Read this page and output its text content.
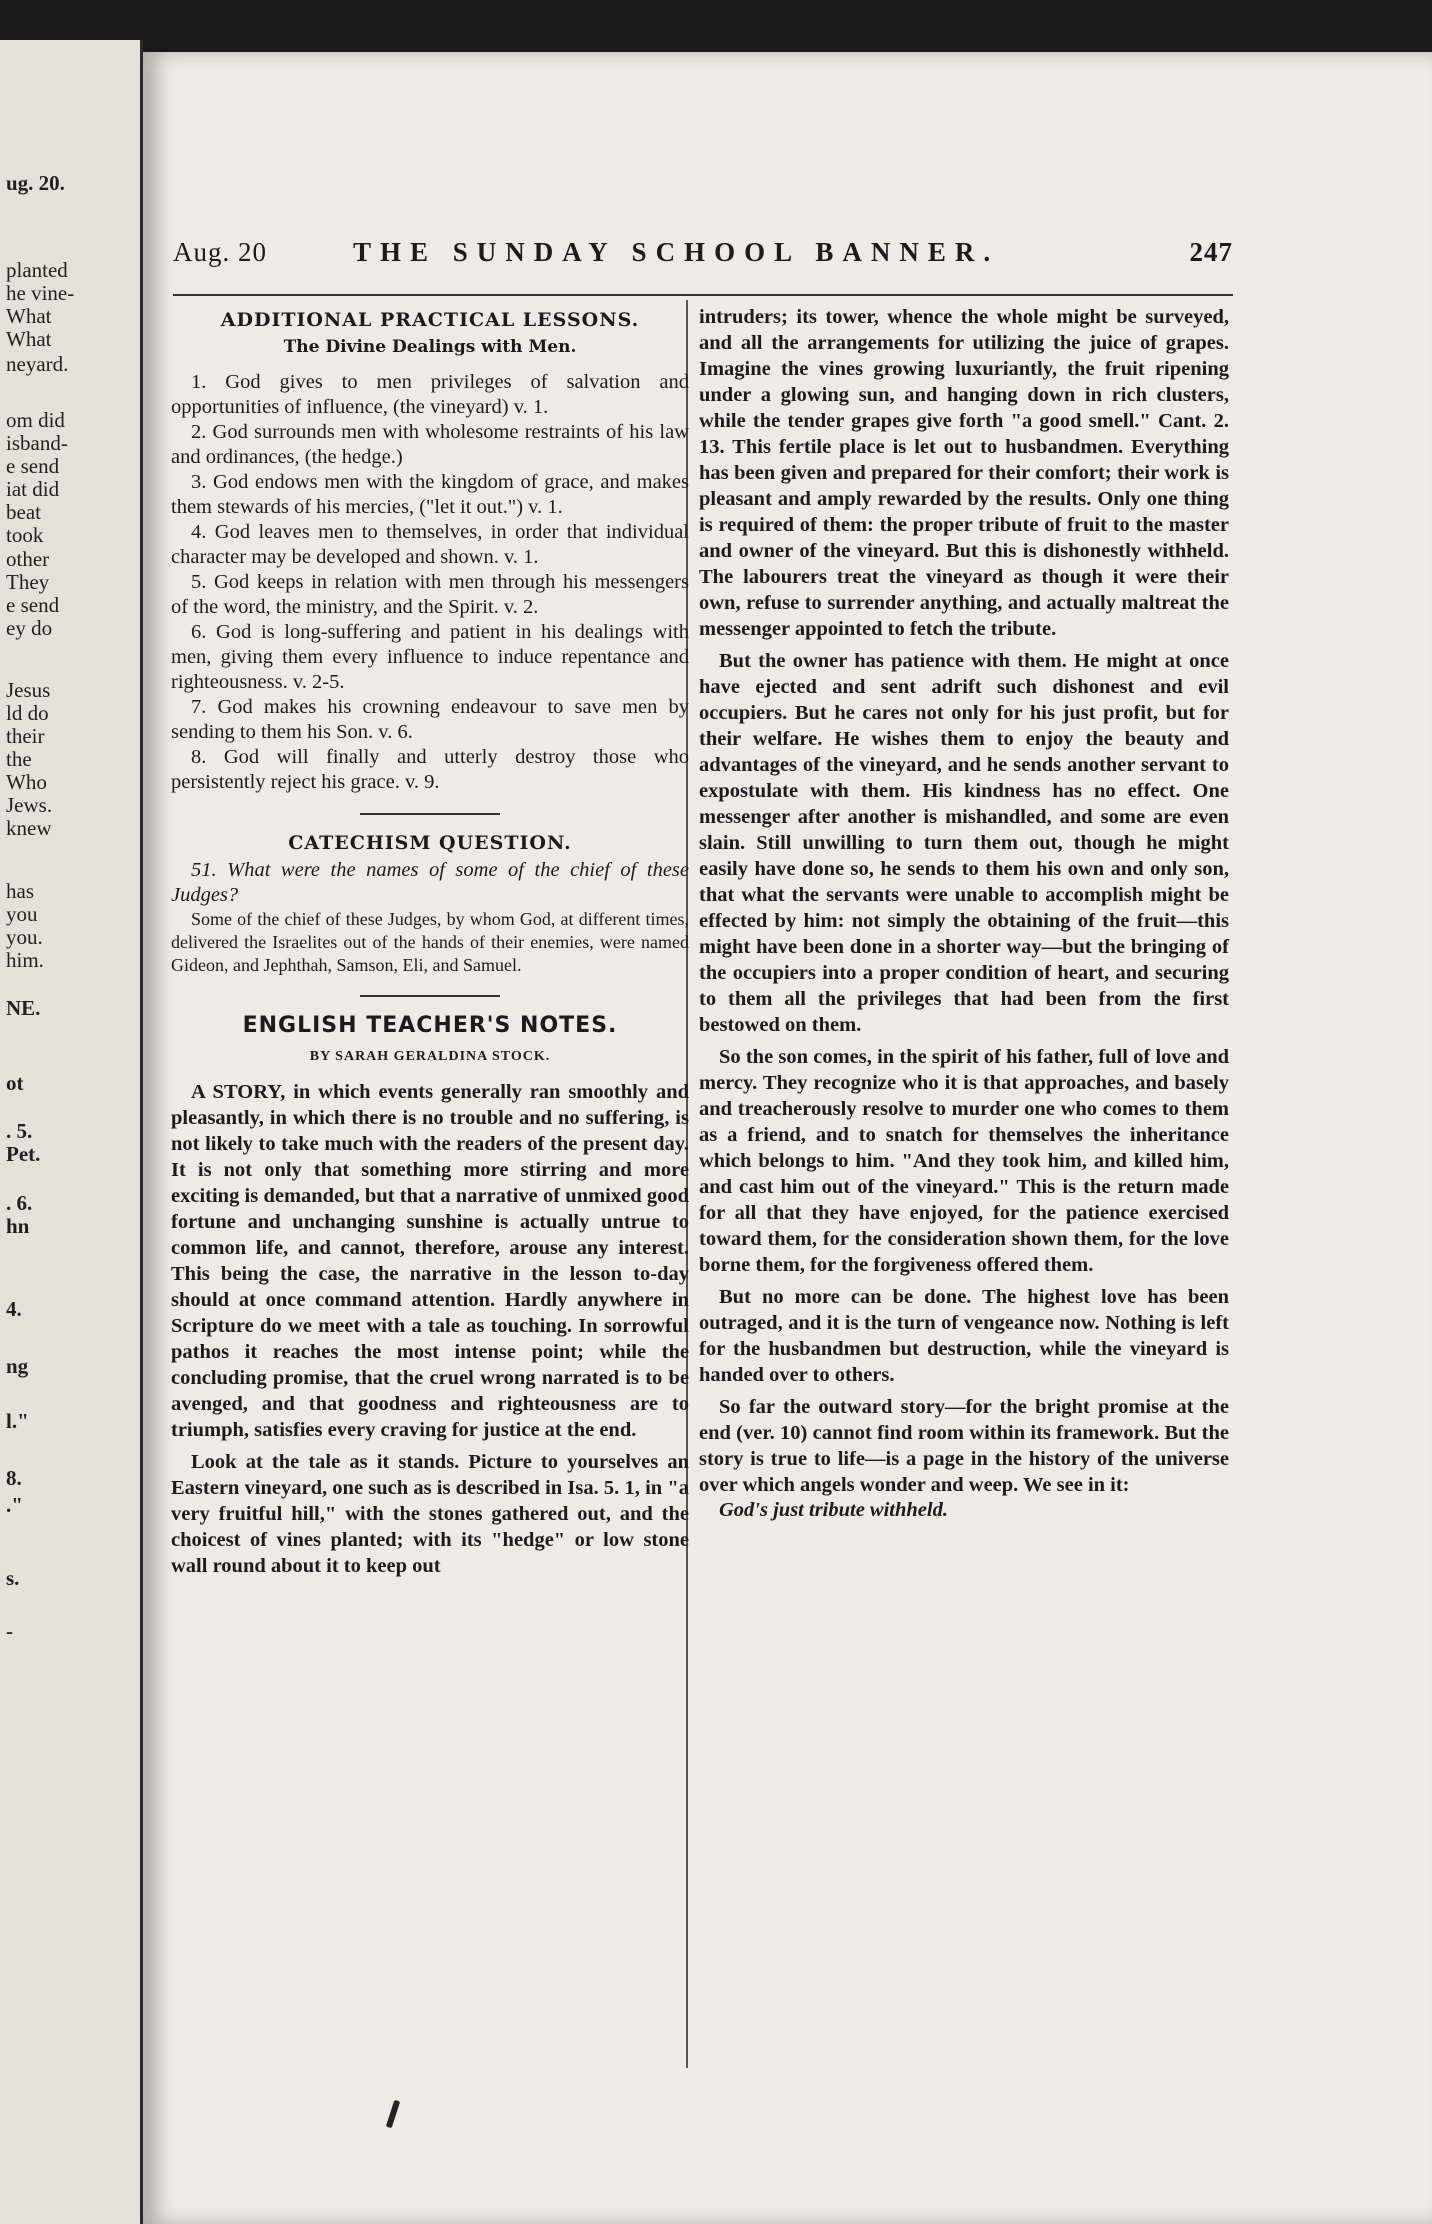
ug. 20.
planted
he vine-
What
What
neyard.
om did
isband-
e send
iat did
beat
took
other
They
e send
ey do
Jesus
ld do
their
the
Who
Jews.
knew
has
you
you.
him.
NE.
ot
. 5.
Pet.
. 6.
hn
4.
ng
l."
8.
."
s.
-
Aug. 20	THE SUNDAY SCHOOL BANNER.	247
ADDITIONAL PRACTICAL LESSONS.
The Divine Dealings with Men.

1. God gives to men privileges of salvation and opportunities of influence, (the vineyard) v. 1.

2. God surrounds men with wholesome restraints of his law and ordinances, (the hedge.)

3. God endows men with the kingdom of grace, and makes them stewards of his mercies, ("let it out.") v. 1.

4. God leaves men to themselves, in order that individual character may be developed and shown. v. 1.

5. God keeps in relation with men through his messengers of the word, the ministry, and the Spirit. v. 2.

6. God is long-suffering and patient in his dealings with men, giving them every influence to induce repentance and righteousness. v. 2-5.

7. God makes his crowning endeavour to save men by sending to them his Son. v. 6.

8. God will finally and utterly destroy those who persistently reject his grace. v. 9.

CATECHISM QUESTION.

51. What were the names of some of the chief of these Judges?

Some of the chief of these Judges, by whom God, at different times, delivered the Israelites out of the hands of their enemies, were named Gideon, and Jephthah, Samson, Eli, and Samuel.

ENGLISH TEACHER'S NOTES.
BY SARAH GERALDINA STOCK.

A STORY, in which events generally ran smoothly and pleasantly, in which there is no trouble and no suffering, is not likely to take much with the readers of the present day. It is not only that something more stirring and more exciting is demanded, but that a narrative of unmixed good fortune and unchanging sunshine is actually untrue to common life, and cannot, therefore, arouse any interest. This being the case, the narrative in the lesson to-day should at once command attention. Hardly anywhere in Scripture do we meet with a tale as touching. In sorrowful pathos it reaches the most intense point; while the concluding promise, that the cruel wrong narrated is to be avenged, and that goodness and righteousness are to triumph, satisfies every craving for justice at the end.

Look at the tale as it stands. Picture to yourselves an Eastern vineyard, one such as is described in Isa. 5. 1, in "a very fruitful hill," with the stones gathered out, and the choicest of vines planted; with its "hedge" or low stone wall round about it to keep out

intruders; its tower, whence the whole might be surveyed, and all the arrangements for utilizing the juice of grapes. Imagine the vines growing luxuriantly, the fruit ripening under a glowing sun, and hanging down in rich clusters, while the tender grapes give forth "a good smell." Cant. 2. 13. This fertile place is let out to husbandmen. Everything has been given and prepared for their comfort; their work is pleasant and amply rewarded by the results. Only one thing is required of them: the proper tribute of fruit to the master and owner of the vineyard. But this is dishonestly withheld. The labourers treat the vineyard as though it were their own, refuse to surrender anything, and actually maltreat the messenger appointed to fetch the tribute.

But the owner has patience with them. He might at once have ejected and sent adrift such dishonest and evil occupiers. But he cares not only for his just profit, but for their welfare. He wishes them to enjoy the beauty and advantages of the vineyard, and he sends another servant to expostulate with them. His kindness has no effect. One messenger after another is mishandled, and some are even slain. Still unwilling to turn them out, though he might easily have done so, he sends to them his own and only son, that what the servants were unable to accomplish might be effected by him: not simply the obtaining of the fruit—this might have been done in a shorter way—but the bringing of the occupiers into a proper condition of heart, and securing to them all the privileges that had been from the first bestowed on them.

So the son comes, in the spirit of his father, full of love and mercy. They recognize who it is that approaches, and basely and treacherously resolve to murder one who comes to them as a friend, and to snatch for themselves the inheritance which belongs to him. "And they took him, and killed him, and cast him out of the vineyard." This is the return made for all that they have enjoyed, for the patience exercised toward them, for the consideration shown them, for the love borne them, for the forgiveness offered them.

But no more can be done. The highest love has been outraged, and it is the turn of vengeance now. Nothing is left for the husbandmen but destruction, while the vineyard is handed over to others.

So far the outward story—for the bright promise at the end (ver. 10) cannot find room within its framework. But the story is true to life—is a page in the history of the universe over which angels wonder and weep. We see in it:

God's just tribute withheld.
